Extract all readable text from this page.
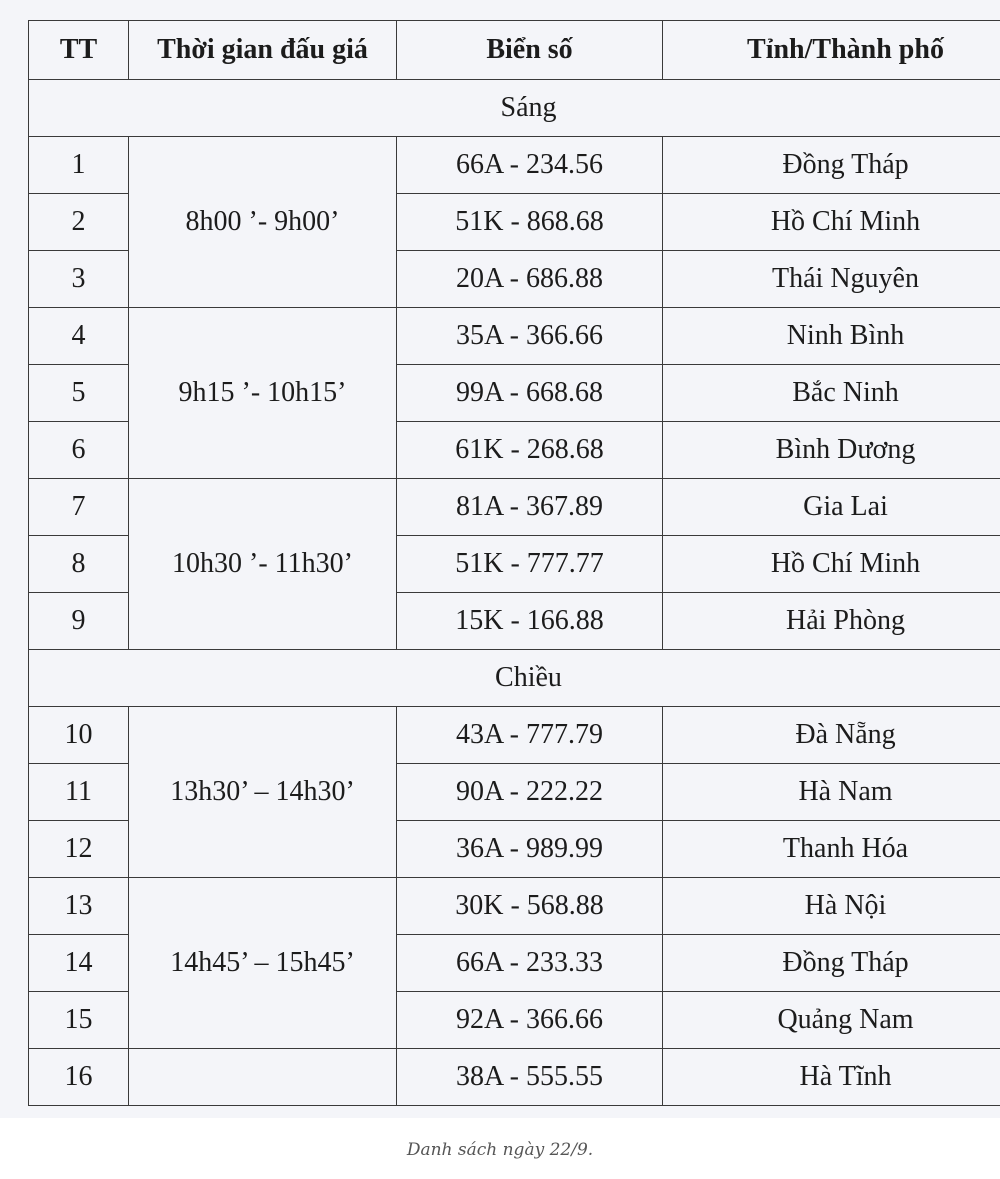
TT	Thời gian đấu giá	Biển số	Tỉnh/Thành phố
Sáng			
1	8h00 ’- 9h00’	66A - 234.56	Đồng Tháp
2		51K - 868.68	Hồ Chí Minh
3		20A - 686.88	Thái Nguyên
4	9h15 ’- 10h15’	35A - 366.66	Ninh Bình
5		99A - 668.68	Bắc Ninh
6		61K - 268.68	Bình Dương
7	10h30 ’- 11h30’	81A - 367.89	Gia Lai
8		51K - 777.77	Hồ Chí Minh
9		15K - 166.88	Hải Phòng
Chiều			
10	13h30’ – 14h30’	43A - 777.79	Đà Nẵng
11		90A - 222.22	Hà Nam
12		36A - 989.99	Thanh Hóa
13	14h45’ – 15h45’	30K - 568.88	Hà Nội
14		66A - 233.33	Đồng Tháp
15		92A - 366.66	Quảng Nam
16		38A - 555.55	Hà Tĩnh
Danh sách ngày 22/9.
